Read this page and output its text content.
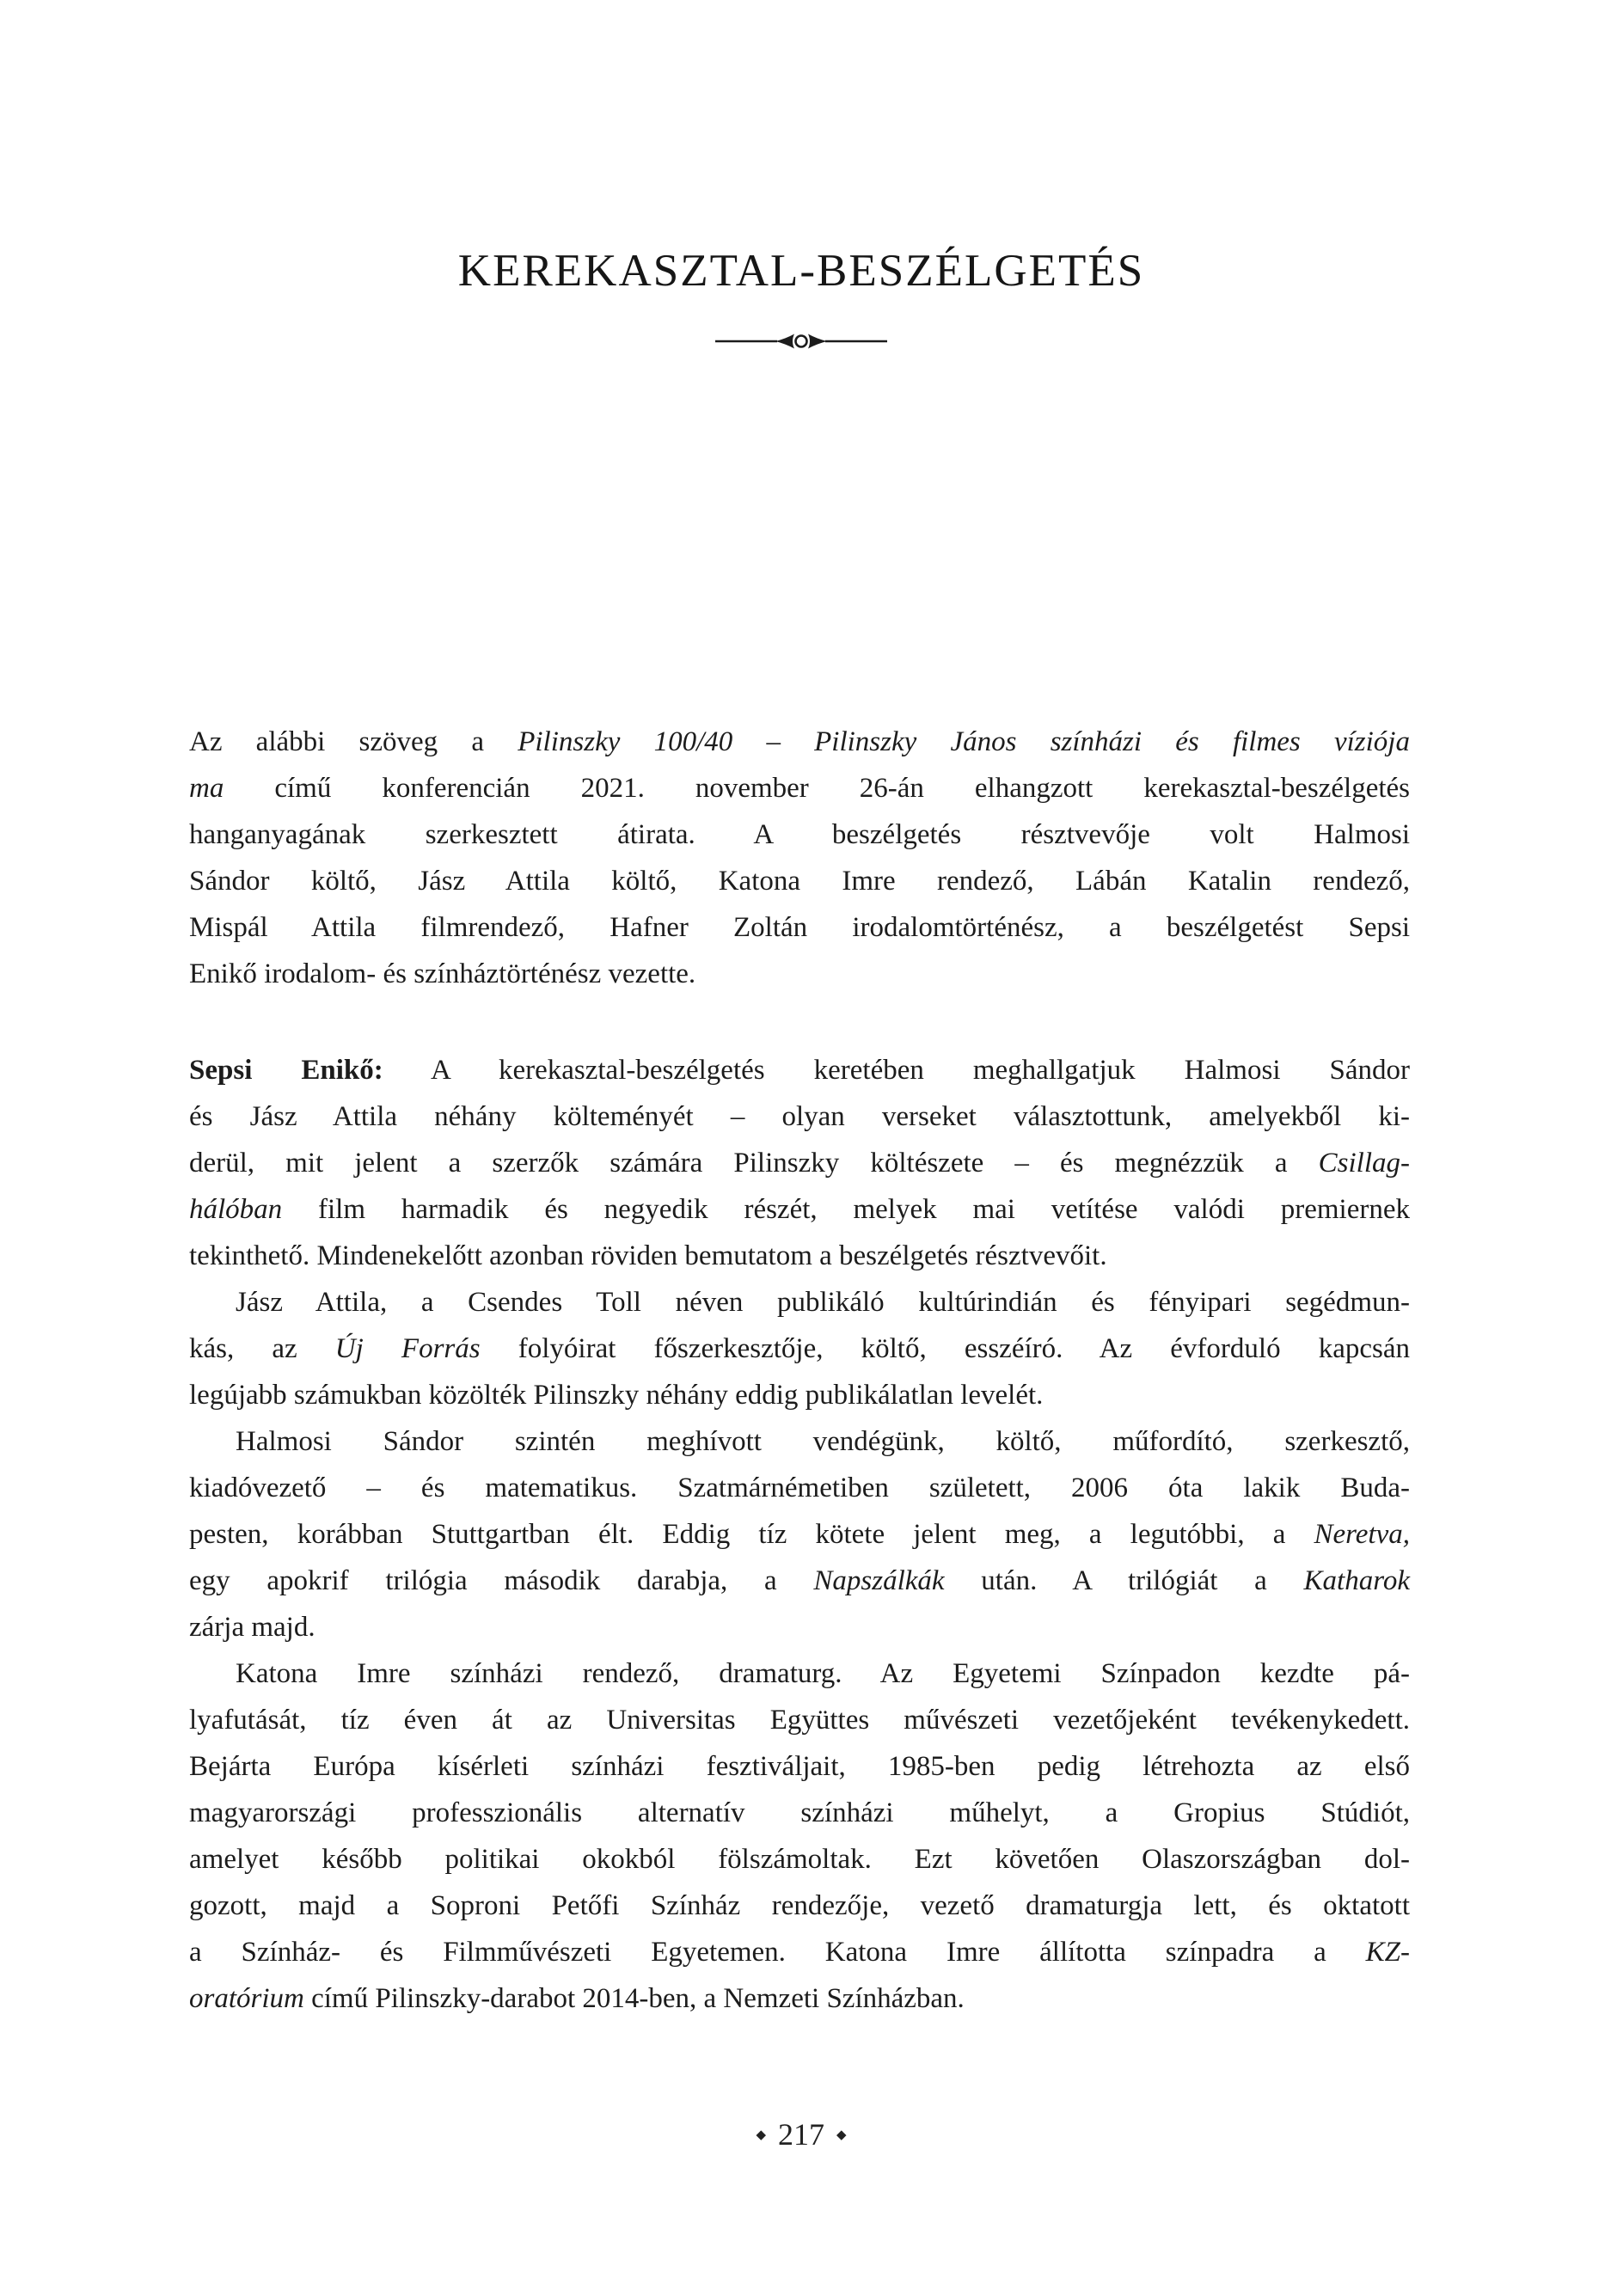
KEREKASZTAL-BESZÉLGETÉS
Az alábbi szöveg a Pilinszky 100/40 – Pilinszky János színházi és filmes víziója
ma című konferencián 2021. november 26-án elhangzott kerekasztal-beszélgetés
hanganyagának szerkesztett átirata. A beszélgetés résztvevője volt Halmosi
Sándor költő, Jász Attila költő, Katona Imre rendező, Lábán Katalin rendező,
Mispál Attila filmrendező, Hafner Zoltán irodalomtörténész, a beszélgetést Sepsi
Enikő irodalom- és színháztörténész vezette.
Sepsi Enikő: A kerekasztal-beszélgetés keretében meghallgatjuk Halmosi Sándor
és Jász Attila néhány költeményét – olyan verseket választottunk, amelyekből ki-
derül, mit jelent a szerzők számára Pilinszky költészete – és megnézzük a Csillag-
hálóban film harmadik és negyedik részét, melyek mai vetítése valódi premiernek
tekinthető. Mindenekelőtt azonban röviden bemutatom a beszélgetés résztvevőit.
Jász Attila, a Csendes Toll néven publikáló kultúrindián és fényipari segédmun-
kás, az Új Forrás folyóirat főszerkesztője, költő, esszéíró. Az évforduló kapcsán
legújabb számukban közölték Pilinszky néhány eddig publikálatlan levelét.
Halmosi Sándor szintén meghívott vendégünk, költő, műfordító, szerkesztő,
kiadóvezető – és matematikus. Szatmárnémetiben született, 2006 óta lakik Buda-
pesten, korábban Stuttgartban élt. Eddig tíz kötete jelent meg, a legutóbbi, a Neretva,
egy apokrif trilógia második darabja, a Napszálkák után. A trilógiát a Katharok
zárja majd.
Katona Imre színházi rendező, dramaturg. Az Egyetemi Színpadon kezdte pá-
lyafutását, tíz éven át az Universitas Együttes művészeti vezetőjeként tevékenykedett.
Bejárta Európa kísérleti színházi fesztiváljait, 1985-ben pedig létrehozta az első
magyarországi professzionális alternatív színházi műhelyt, a Gropius Stúdiót,
amelyet később politikai okokból fölszámoltak. Ezt követően Olaszországban dol-
gozott, majd a Soproni Petőfi Színház rendezője, vezető dramaturgja lett, és oktatott
a Színház- és Filmművészeti Egyetemen. Katona Imre állította színpadra a KZ-
oratórium című Pilinszky-darabot 2014-ben, a Nemzeti Színházban.
◆ 217 ◆
